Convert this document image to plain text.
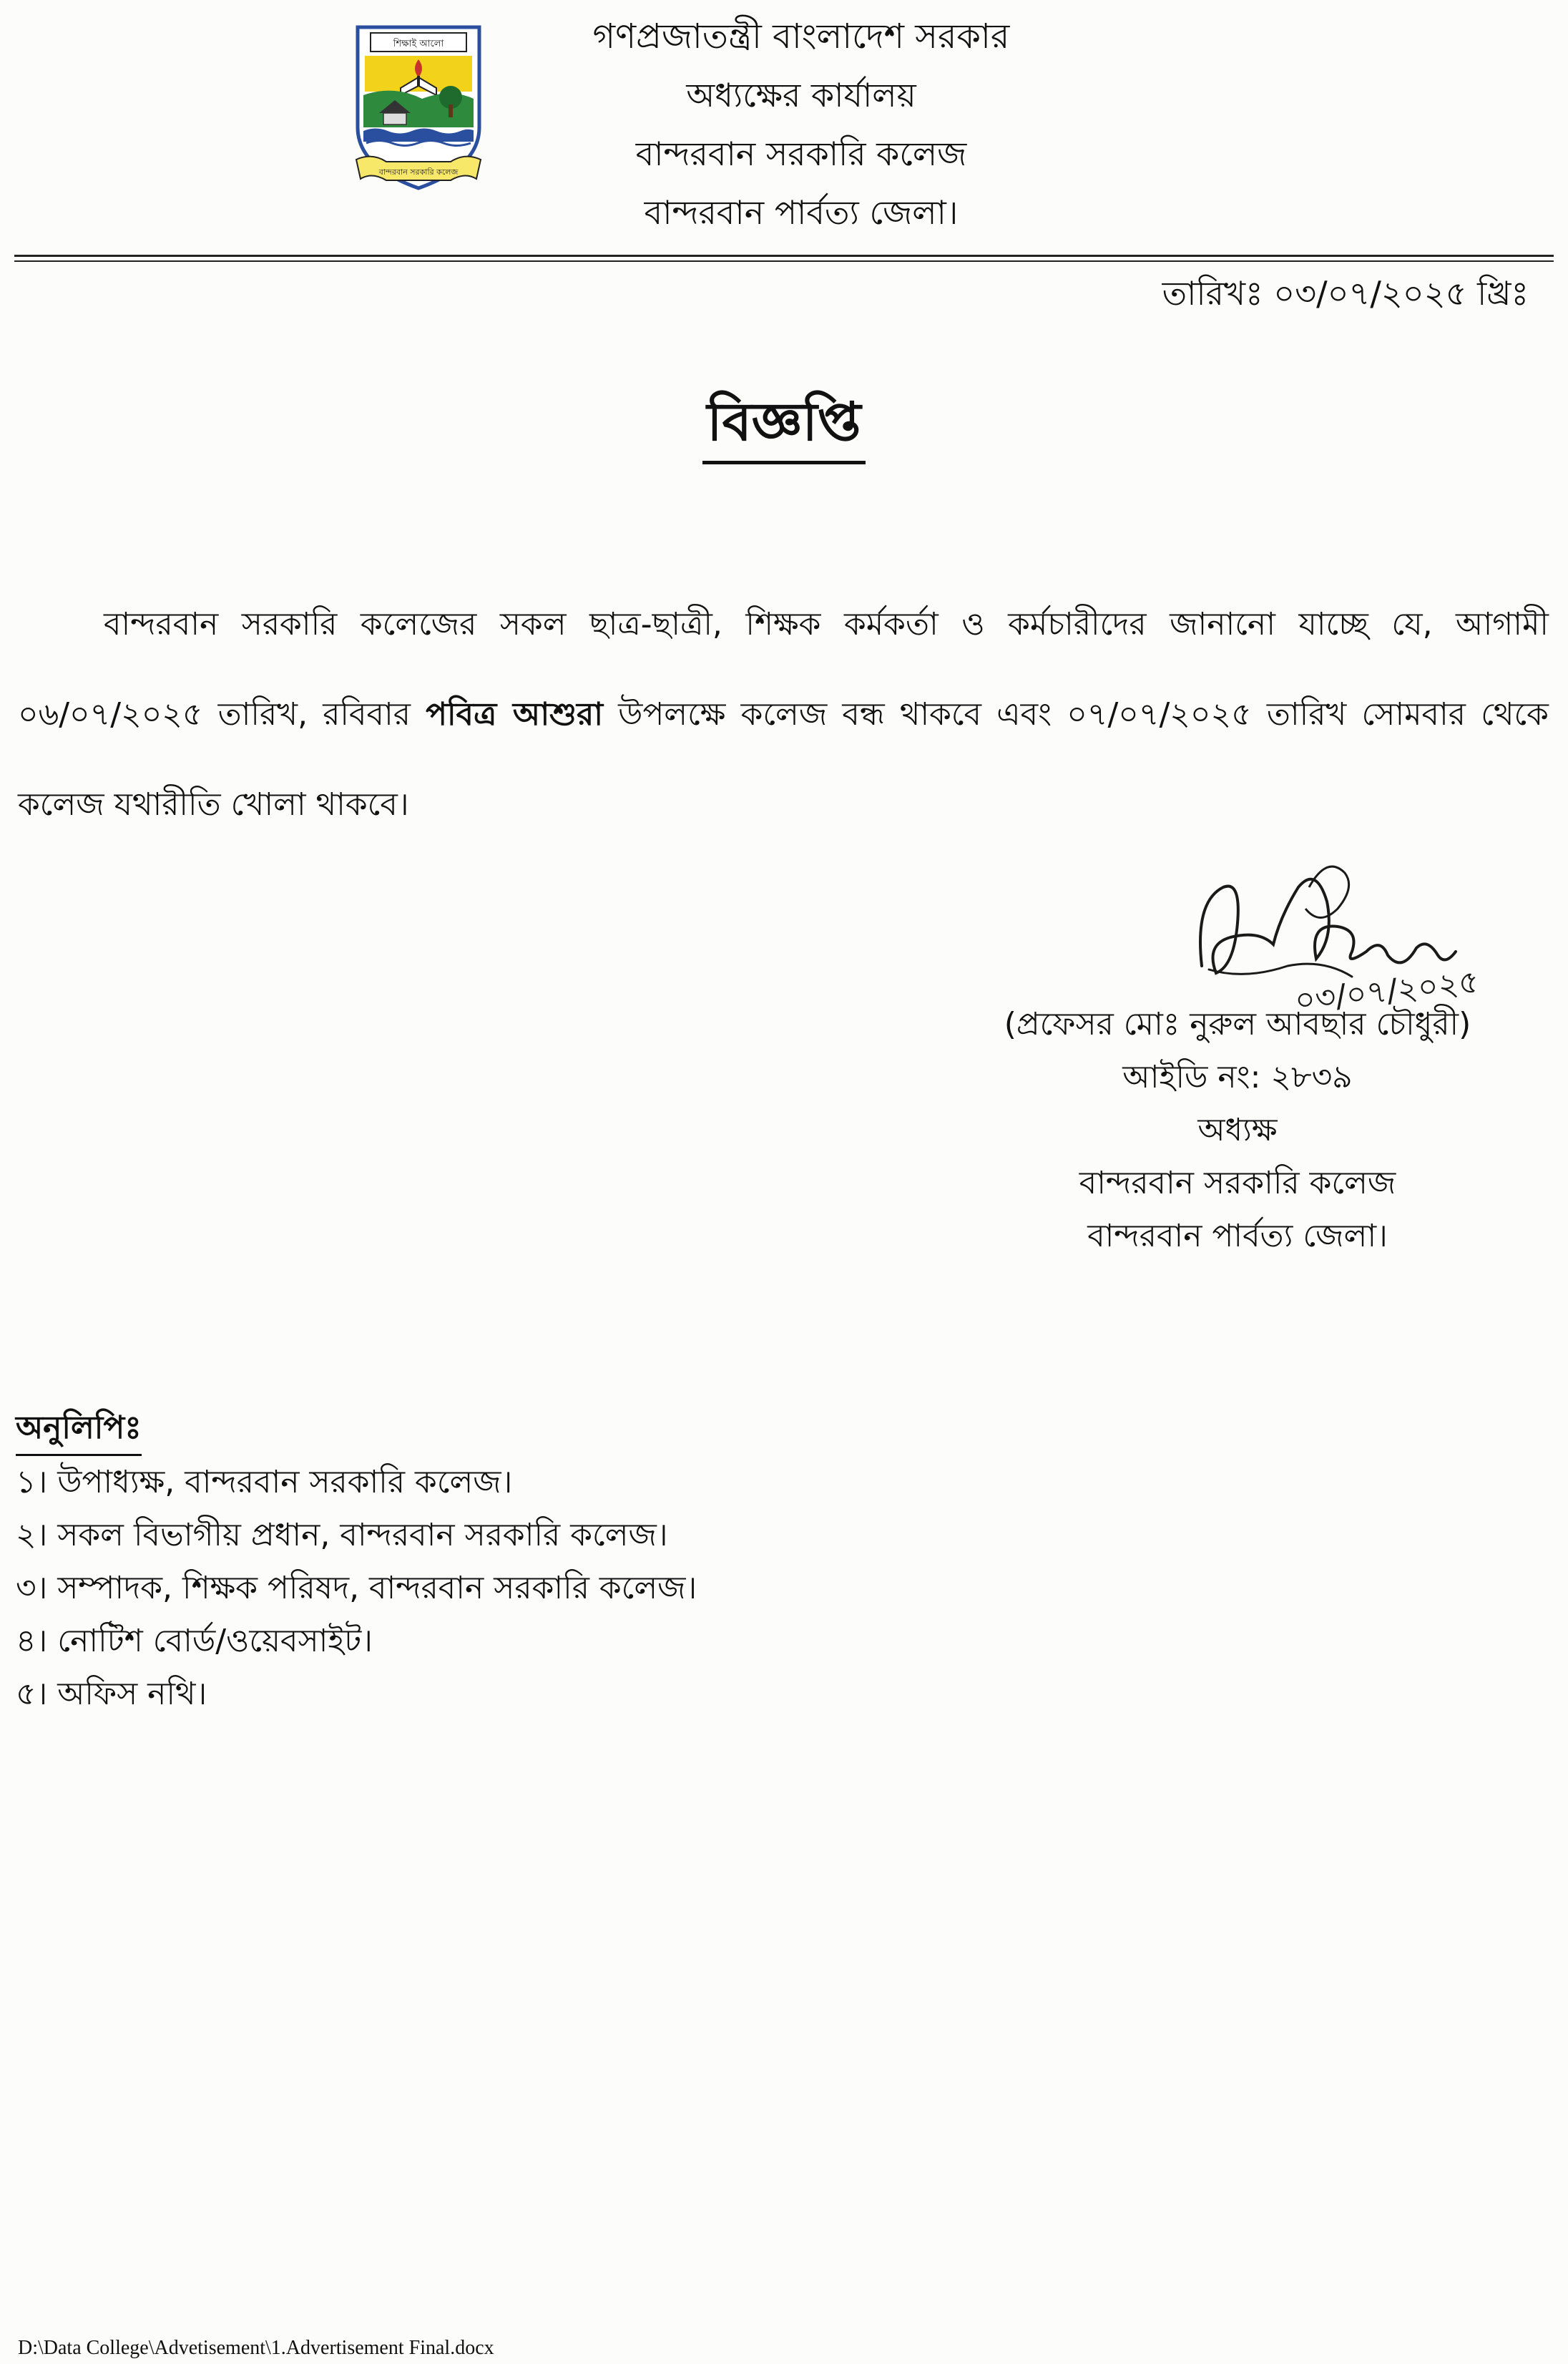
শিক্ষাই আলো
বান্দরবান সরকারি কলেজ
গণপ্রজাতন্ত্রী বাংলাদেশ সরকার
অধ্যক্ষের কার্যালয়
বান্দরবান সরকারি কলেজ
বান্দরবান পার্বত্য জেলা।
তারিখঃ ০৩/০৭/২০২৫ খ্রিঃ
বিজ্ঞপ্তি
বান্দরবান সরকারি কলেজের সকল ছাত্র-ছাত্রী, শিক্ষক কর্মকর্তা ও কর্মচারীদের জানানো যাচ্ছে যে, আগামী ০৬/০৭/২০২৫ তারিখ, রবিবার পবিত্র আশুরা উপলক্ষে কলেজ বন্ধ থাকবে এবং ০৭/০৭/২০২৫ তারিখ সোমবার থেকে কলেজ যথারীতি খোলা থাকবে।
০৩/০৭/২০২৫
(প্রফেসর মোঃ নুরুল আবছার চৌধুরী)
আইডি নং: ২৮৩৯
অধ্যক্ষ
বান্দরবান সরকারি কলেজ
বান্দরবান পার্বত্য জেলা।
অনুলিপিঃ
১। উপাধ্যক্ষ, বান্দরবান সরকারি কলেজ।
২। সকল বিভাগীয় প্রধান, বান্দরবান সরকারি কলেজ।
৩। সম্পাদক, শিক্ষক পরিষদ, বান্দরবান সরকারি কলেজ।
৪। নোটিশ বোর্ড/ওয়েবসাইট।
৫। অফিস নথি।
D:\Data College\Advetisement\1.Advertisement Final.docx
